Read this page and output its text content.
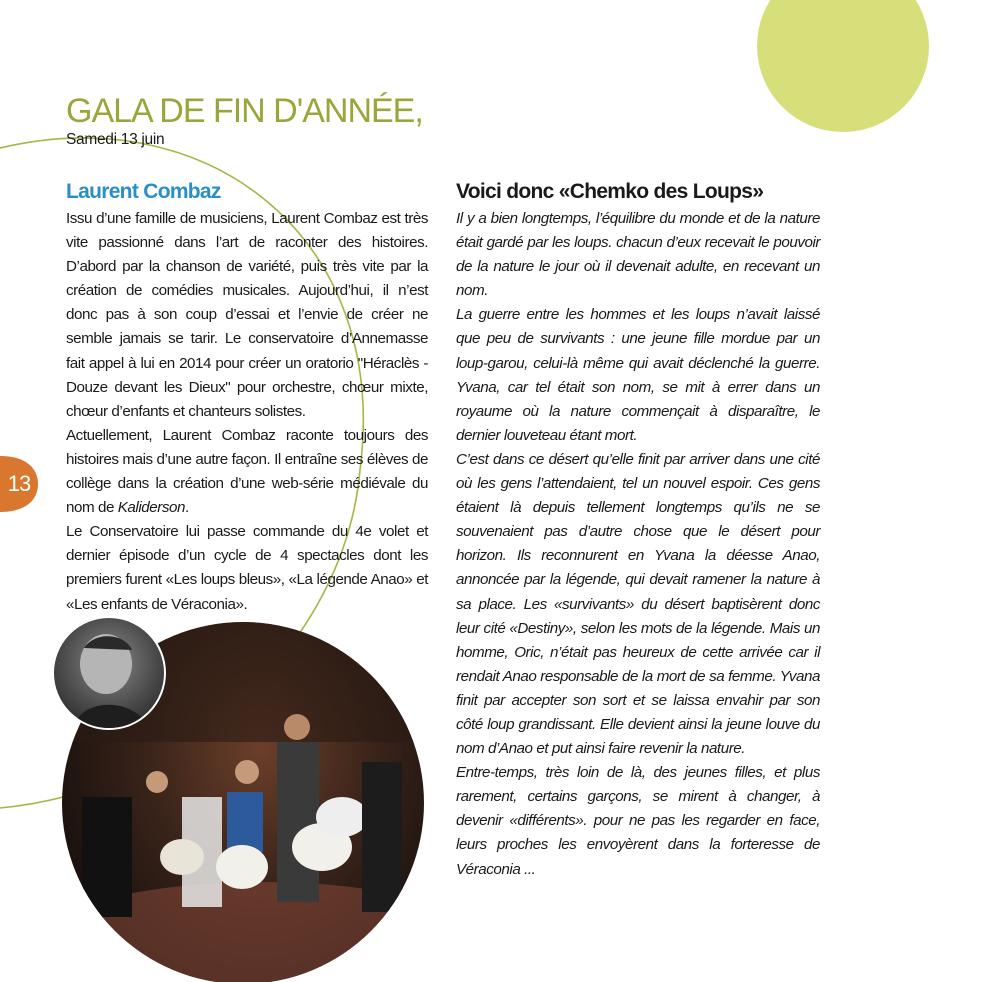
13
GALA DE FIN D'ANNÉE,
Samedi 13 juin
Laurent Combaz

Issu d’une famille de musiciens, Laurent Combaz est très vite passionné dans l’art de raconter des histoires. D’abord par la chanson de variété, puis très vite par la création de comédies musicales. Aujourd’hui, il n’est donc pas à son coup d’essai et l’envie de créer ne semble jamais se tarir. Le conservatoire d’Annemasse fait appel à lui en 2014 pour créer un oratorio "Héraclès - Douze devant les Dieux" pour orchestre, chœur mixte, chœur d’enfants et chanteurs solistes.

Actuellement, Laurent Combaz raconte toujours des histoires mais d’une autre façon. Il entraîne ses élèves de collège dans la création d’une web-série médiévale du nom de Kaliderson.

Le Conservatoire lui passe commande du 4e volet et dernier épisode d’un cycle de 4 spectacles dont les premiers furent «Les loups bleus», «La légende Anao» et «Les enfants de Véraconia».

Voici donc «Chemko des Loups»

Il y a bien longtemps, l’équilibre du monde et de la nature était gardé par les loups. chacun d’eux recevait le pouvoir de la nature le jour où il devenait adulte, en recevant un nom.

La guerre entre les hommes et les loups n’avait laissé que peu de survivants : une jeune fille mordue par un loup-garou, celui-là même qui avait déclenché la guerre. Yvana, car tel était son nom, se mit à errer dans un royaume où la nature commençait à disparaître, le dernier louveteau étant mort.

C’est dans ce désert qu’elle finit par arriver dans une cité où les gens l’attendaient, tel un nouvel espoir. Ces gens étaient là depuis tellement longtemps qu’ils ne se souvenaient pas d’autre chose que le désert pour horizon. Ils reconnurent en Yvana la déesse Anao, annoncée par la légende, qui devait ramener la nature à sa place. Les «survivants» du désert baptisèrent donc leur cité «Destiny», selon les mots de la légende. Mais un homme, Oric, n’était pas heureux de cette arrivée car il rendait Anao responsable de la mort de sa femme. Yvana finit par accepter son sort et se laissa envahir par son côté loup grandissant. Elle devient ainsi la jeune louve du nom d’Anao et put ainsi faire revenir la nature.

Entre-temps, très loin de là, des jeunes filles, et plus rarement, certains garçons, se mirent à changer, à devenir «différents». pour ne pas les regarder en face, leurs proches les envoyèrent dans la forteresse de Véraconia ...
